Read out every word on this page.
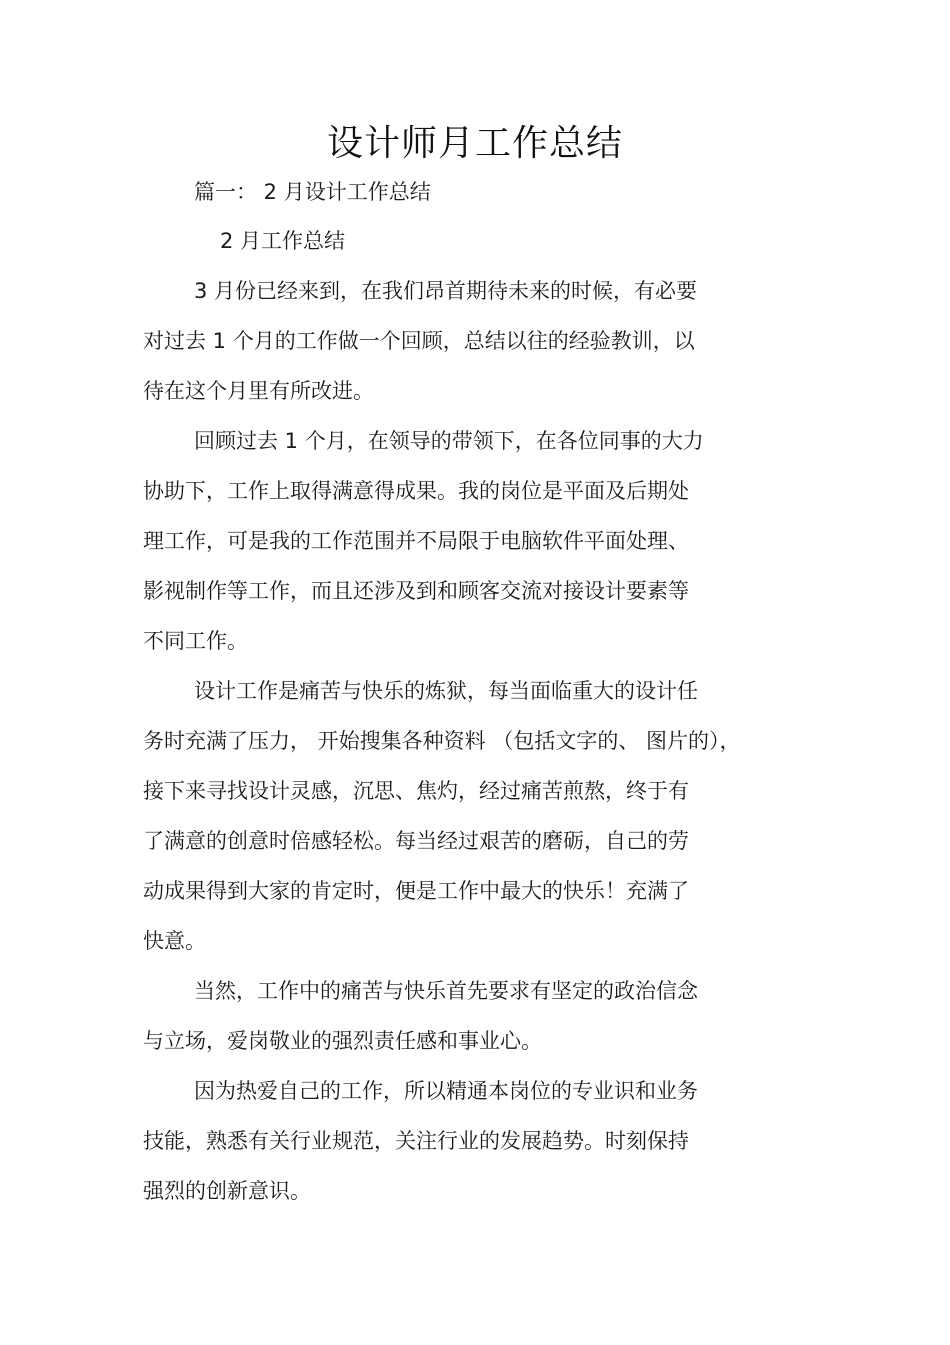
设计师月工作总结
篇一： 2 月设计工作总结
2 月工作总结
3 月份已经来到，在我们昂首期待未来的时候，有必要
对过去 1 个月的工作做一个回顾，总结以往的经验教训，以
待在这个月里有所改进。
回顾过去 1 个月，在领导的带领下，在各位同事的大力
协助下，工作上取得满意得成果。我的岗位是平面及后期处
理工作，可是我的工作范围并不局限于电脑软件平面处理、
影视制作等工作，而且还涉及到和顾客交流对接设计要素等
不同工作。
设计工作是痛苦与快乐的炼狱，每当面临重大的设计任
务时充满了压力， 开始搜集各种资料 （包括文字的、 图片的），
接下来寻找设计灵感，沉思、焦灼，经过痛苦煎熬，终于有
了满意的创意时倍感轻松。每当经过艰苦的磨砺，自己的劳
动成果得到大家的肯定时，便是工作中最大的快乐！充满了
快意。
当然，工作中的痛苦与快乐首先要求有坚定的政治信念
与立场，爱岗敬业的强烈责任感和事业心。
因为热爱自己的工作，所以精通本岗位的专业识和业务
技能，熟悉有关行业规范，关注行业的发展趋势。时刻保持
强烈的创新意识。
